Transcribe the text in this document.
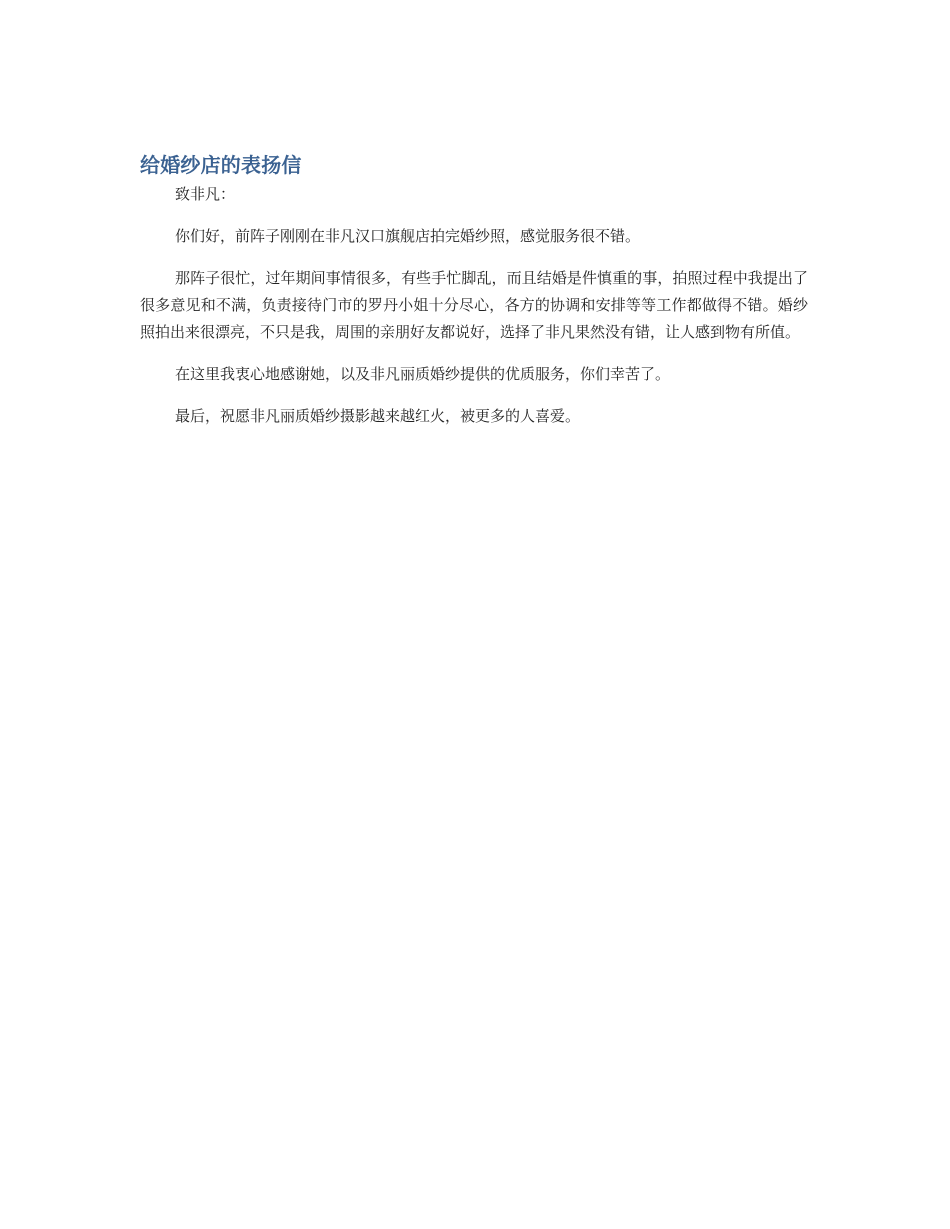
给婚纱店的表扬信

致非凡：

你们好，前阵子刚刚在非凡汉口旗舰店拍完婚纱照，感觉服务很不错。

那阵子很忙，过年期间事情很多，有些手忙脚乱，而且结婚是件慎重的事，拍照过程中我提出了很多意见和不满，负责接待门市的罗丹小姐十分尽心，各方的协调和安排等等工作都做得不错。婚纱照拍出来很漂亮，不只是我，周围的亲朋好友都说好，选择了非凡果然没有错，让人感到物有所值。

在这里我衷心地感谢她，以及非凡丽质婚纱提供的优质服务，你们幸苦了。

最后，祝愿非凡丽质婚纱摄影越来越红火，被更多的人喜爱。
